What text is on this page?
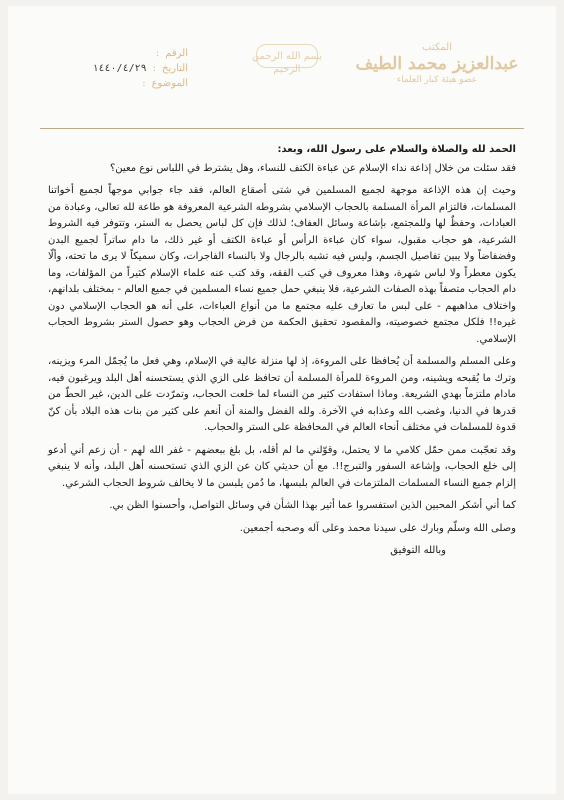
المكتب
عبدالعزيز محمد الطيف
عضو هيئة كبار العلماء
بسم الله الرحمن الرحيم
الرقم
:
التاريخ
:
١٤٤٠/٤/٢٩
الموضوع
:

الحمد لله والصلاة والسلام على رسول الله، وبعد:

فقد سئلت من خلال إذاعة نداء الإسلام عن عباءة الكتف للنساء، وهل يشترط في اللباس نوع معين؟

وحيث إن هذه الإذاعة موجهة لجميع المسلمين في شتى أصقاع العالم، فقد جاء جوابي موجهاً لجميع أخواتنا المسلمات، فالتزام المرأة المسلمة بالحجاب الإسلامي بشروطه الشرعية المعروفة هو طاعة لله تعالى، وعبادة من العبادات، وحفظٌ لها وللمجتمع، بإشاعة وسائل العفاف؛ لذلك فإن كل لباس يحصل به الستر، وتتوفر فيه الشروط الشرعية، هو حجاب مقبول، سواء كان عباءة الرأس أو عباءة الكتف أو غير ذلك، ما دام ساتراً لجميع البدن وفضفاضاً ولا يبين تفاصيل الجسم، وليس فيه تشبه بالرجال ولا بالنساء الفاجرات، وكان سميكاً لا يرى ما تحته، وألّا يكون معطراً ولا لباس شهرة، وهذا معروف في كتب الفقه، وقد كتب عنه علماء الإسلام كثيراً من المؤلفات، وما دام الحجاب متصفاً بهذه الصفات الشرعية، فلا ينبغي حمل جميع نساء المسلمين في جميع العالم - بمختلف بلدانهم، واختلاف مذاهبهم - على لبس ما تعارف عليه مجتمع ما من أنواع العباءات، على أنه هو الحجاب الإسلامي دون غيره!! فلكل مجتمع خصوصيته، والمقصود تحقيق الحكمة من فرض الحجاب وهو حصول الستر بشروط الحجاب الإسلامي.

وعلى المسلم والمسلمة أن يُحافظا على المروءة، إذ لها منزلة عالية في الإسلام، وهي فعل ما يُجمّل المرء ويزينه، وترك ما يُقبحه ويشينه، ومن المروءة للمرأة المسلمة أن تحافظ على الزي الذي يستحسنه أهل البلد ويرغبون فيه، مادام ملتزماً بهدي الشريعة. وماذا استفادت كثير من النساء لما خلعت الحجاب، وتمرّدت على الدين، غير الحطّ من قدرها في الدنيا، وغضب الله وعذابه في الآخرة. ولله الفضل والمنة أن أنعم على كثير من بنات هذه البلاد بأن كنّ قدوة للمسلمات في مختلف أنحاء العالم في المحافظة على الستر والحجاب.

وقد تعجّبت ممن حمّل كلامي ما لا يحتمل، وقوّلني ما لم أقله، بل بلغ ببعضهم - غفر الله لهم - أن زعم أني أدعو إلى خلع الحجاب، وإشاعة السفور والتبرج!!. مع أن حديثي كان عن الزي الذي تستحسنه أهل البلد، وأنه لا ينبغي إلزام جميع النساء المسلمات الملتزمات في العالم بلبسها، ما دُمن يلبسن ما لا يخالف شروط الحجاب الشرعي.

كما أني أشكر المحبين الذين استفسروا عما أثير بهذا الشأن في وسائل التواصل، وأحسنوا الظن بي.

وصلى الله وسلّم وبارك على سيدنا محمد وعلى آله وصحبه أجمعين.

وبالله التوفيق
